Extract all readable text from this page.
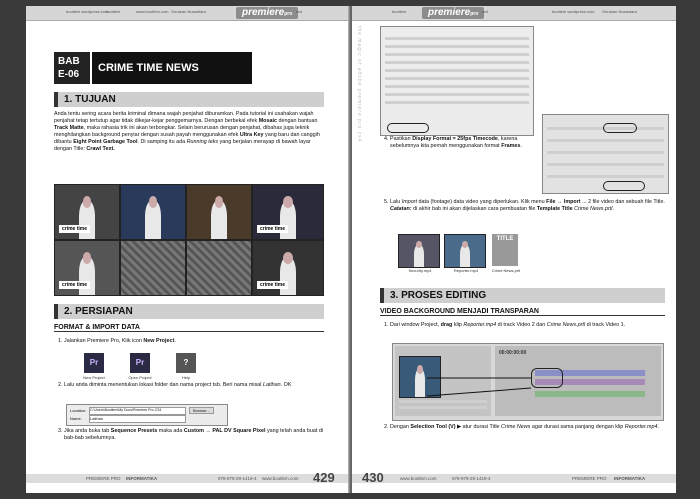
bootlem wordpress.com
bootlem	www.bootlem.com Gerakan Nusantara	premierepro cs4
BAB
E-06
CRIME TIME NEWS
1. TUJUAN
Anda tentu sering acara berita kriminal dimana wajah penjahat diburamkan. Pada tutorial ini usahakan wajah penjahat tetap tertutup agar tidak dikejar-kejar penggemarnya. Dengan berbekal efek Mosaic dengan bantuan Track Matte, maka rahasia trik ini akan terbongkar. Selain berurusan dengan penjahat, dibahas juga teknik menghilangkan background penyiar dengan susah payah menggunakan efek Ultra Key yang baru dan canggih dibantu Eight Point Garbage Tool. Di samping itu ada Running teks yang berjalan merayap di bawah layar dengan Title: Crawl Text.
crime time	crime time
crime time	crime time
2. PERSIAPAN
FORMAT & IMPORT DATA
1. Jalankan Premiere Pro, Klik icon New Project.
Pr
New Project
Pr
Open Project
?
Help
2. Lalu anda diminta menentukan lokasi folder dan nama project tsb. Beri nama misal Latihan. OK
Location: C:\Users\Bootlem\My Docs\Premiere Pro CS4	Browse...
Name: Latihan
3. Jika anda buka tab Sequence Presets maka ada Custom → PAL DV Square Pixel yang telah anda buat di bab-bab sebelumnya.
PREMIERE PRO INFORMATIKA	978-979-29-1419-4 www.bootlem.com 429
bootlem	premierepro cs4	bootlem wordpress.com Gerakan Nusantara
the magic of adobe premiere pro cs4
4.	Pastikan Display Format = 25fps Timecode, karena sebelumnya kita pernah menggunakan format Frames.
5. Lalu Import data (footage) data video yang diperlukan. Klik menu File → Import ... 2 file video dan sebuah file Title. Catatan: di akhir bab ini akan dijelaskan cara pembuatan file Template Title Crime News.prtl.
Security.mp4	Reporter.mp4
TITLE
Crime News.prtl
3. PROSES EDITING
VIDEO BACKGROUND MENJADI TRANSPARAN
1. Dari window Project, drag klip Reporter.mp4 di track Video 2 dan Crime News.prtl di track Video 1.
00:00:00:00
2. Dengan Selection Tool (V) ▶ atur durasi Title Crime News agar durasi sama panjang dengan klip Reporter.mp4.
www.bootlem.com	978-979-29-1419-4	PREMIERE PRO INFORMATIKA
430
